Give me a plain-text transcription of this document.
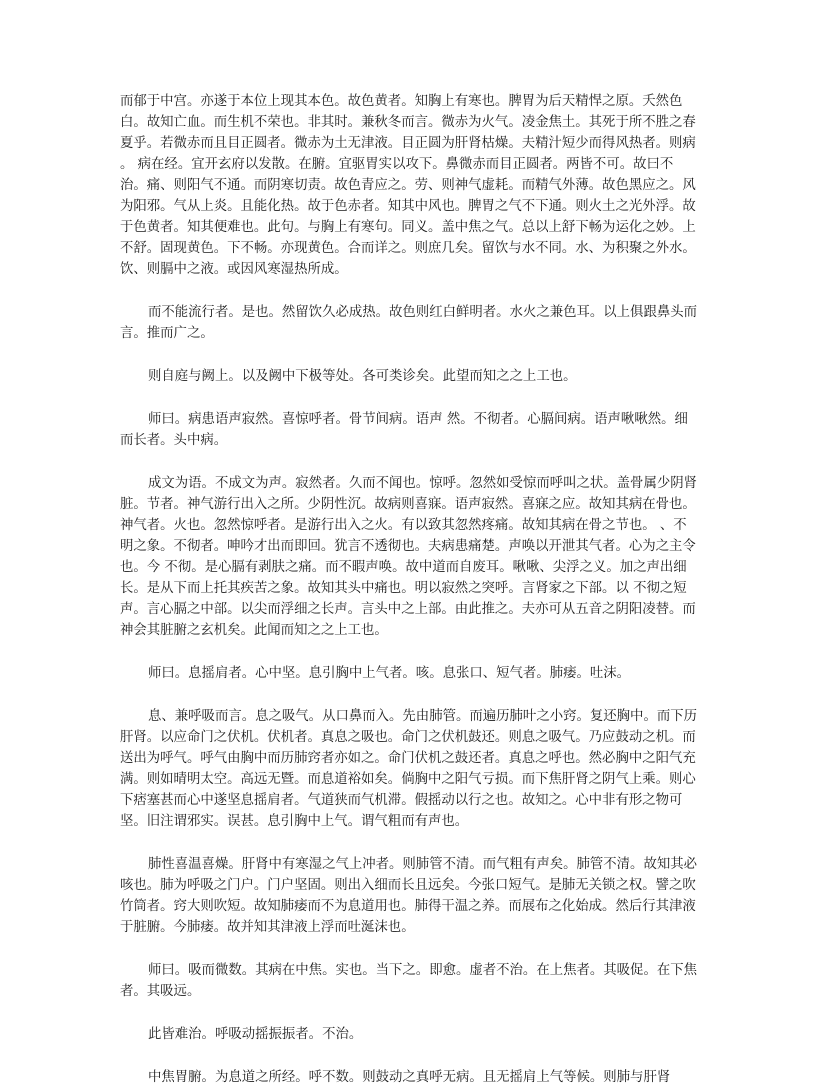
而郁于中宫。亦遂于本位上现其本色。故色黄者。知胸上有寒也。脾胃为后天精悍之原。夭然色白。故知亡血。而生机不荣也。非其时。兼秋冬而言。微赤为火气。凌金焦土。其死于所不胜之春夏乎。若微赤而且目正圆者。微赤为土无津液。目正圆为肝肾枯燥。夫精汁短少而得风热者。则病 。 病在经。宜开玄府以发散。在腑。宜驱胃实以攻下。鼻微赤而目正圆者。两皆不可。故曰不治。痛、则阳气不通。而阴寒切责。故色青应之。劳、则神气虚耗。而精气外薄。故色黑应之。风为阳邪。气从上炎。且能化热。故于色赤者。知其中风也。脾胃之气不下通。则火土之光外浮。故于色黄者。知其便难也。此句。与胸上有寒句。同义。盖中焦之气。总以上舒下畅为运化之妙。上不舒。固现黄色。下不畅。亦现黄色。合而详之。则庶几矣。留饮与水不同。水、为积聚之外水。饮、则膈中之液。或因风寒湿热所成。

而不能流行者。是也。然留饮久必成热。故色则红白鲜明者。水火之兼色耳。以上俱跟鼻头而言。推而广之。

则自庭与阙上。以及阙中下极等处。各可类诊矣。此望而知之之上工也。

师曰。病患语声寂然。喜惊呼者。骨节间病。语声 然。不彻者。心膈间病。语声啾啾然。细而长者。头中病。

成文为语。不成文为声。寂然者。久而不闻也。惊呼。忽然如受惊而呼叫之状。盖骨属少阴肾脏。节者。神气游行出入之所。少阴性沉。故病则喜寐。语声寂然。喜寐之应。故知其病在骨也。神气者。火也。忽然惊呼者。是游行出入之火。有以致其忽然疼痛。故知其病在骨之节也。 、不明之象。不彻者。呻吟才出而即回。犹言不透彻也。夫病患痛楚。声唤以开泄其气者。心为之主令也。今 不彻。是心膈有剥肤之痛。而不暇声唤。故中道而自废耳。啾啾、尖浮之义。加之声出细长。是从下而上托其疾苦之象。故知其头中痛也。明以寂然之突呼。言肾家之下部。以 不彻之短声。言心膈之中部。以尖而浮细之长声。言头中之上部。由此推之。夫亦可从五音之阴阳凌替。而神会其脏腑之玄机矣。此闻而知之之上工也。

师曰。息摇肩者。心中坚。息引胸中上气者。咳。息张口、短气者。肺痿。吐沫。

息、兼呼吸而言。息之吸气。从口鼻而入。先由肺管。而遍历肺叶之小窍。复还胸中。而下历肝肾。以应命门之伏机。伏机者。真息之吸也。命门之伏机鼓还。则息之吸气。乃应鼓动之机。而送出为呼气。呼气由胸中而历肺窍者亦如之。命门伏机之鼓还者。真息之呼也。然必胸中之阳气充满。则如晴明太空。高远无暨。而息道裕如矣。倘胸中之阳气亏损。而下焦肝肾之阴气上乘。则心下痞塞甚而心中遂坚息摇肩者。气道狭而气机滞。假摇动以行之也。故知之。心中非有形之物可坚。旧注谓邪实。误甚。息引胸中上气。谓气粗而有声也。

肺性喜温喜燥。肝肾中有寒湿之气上冲者。则肺管不清。而气粗有声矣。肺管不清。故知其必咳也。肺为呼吸之门户。门户坚固。则出入细而长且远矣。今张口短气。是肺无关锁之权。譬之吹竹筒者。窍大则吹短。故知肺痿而不为息道用也。肺得干温之养。而展布之化始成。然后行其津液于脏腑。今肺痿。故并知其津液上浮而吐涎沫也。

师曰。吸而微数。其病在中焦。实也。当下之。即愈。虚者不治。在上焦者。其吸促。在下焦者。其吸远。

此皆难治。呼吸动摇振振者。不治。

中焦胃腑。为息道之所经。呼不数。则鼓动之真呼无病。且无摇肩上气等候。则肺与肝肾
